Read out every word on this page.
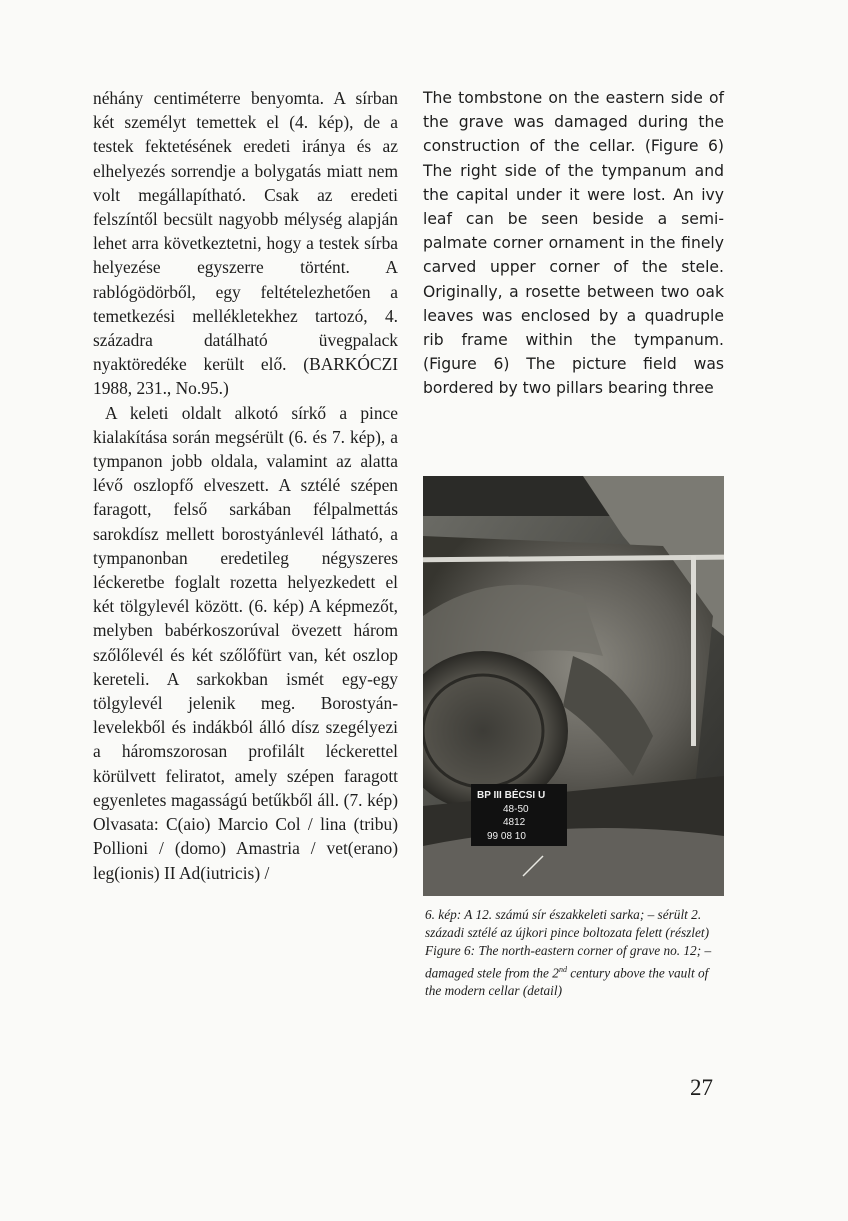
néhány centiméterre benyomta. A sírban két személyt temettek el (4. kép), de a testek fektetésének eredeti iránya és az elhelyezés sorrendje a bolygatás miatt nem volt megállapítható. Csak az eredeti felszíntől becsült nagyobb mélység alapján lehet arra következtetni, hogy a testek sírba helyezése egyszerre történt. A rablógödörből, egy feltételezhetően a temetkezési mellékletekhez tartozó, 4. századra datálható üvegpalack nyaktöredéke került elő. (BARKÓCZI 1988, 231., No.95.)

A keleti oldalt alkotó sírkő a pince kialakítása során megsérült (6. és 7. kép), a tympanon jobb oldala, valamint az alatta lévő oszlopfő elveszett. A sztélé szépen faragott, felső sarkában félpalmettás sarokdísz mellett borostyánlevél látható, a tympanonban eredetileg négyszeres léckeretbe foglalt rozetta helyezkedett el két tölgylevél között. (6. kép) A képmezőt, melyben babérkoszorúval övezett három szőlőlevél és két szőlőfürt van, két oszlop kereteli. A sarkokban ismét egy-egy tölgylevél jelenik meg. Borostyán-levelekből és indákból álló dísz szegélyezi a háromszorosan profilált léckerettel körülvett feliratot, amely szépen faragott egyenletes magasságú betűkből áll. (7. kép) Olvasata: C(aio) Marcio Col / lina (tribu) Pollioni / (domo) Amastria / vet(erano) leg(ionis) II Ad(iutricis) /

The tombstone on the eastern side of the grave was damaged during the construction of the cellar. (Figure 6) The right side of the tympanum and the capital under it were lost. An ivy leaf can be seen beside a semi-palmate corner ornament in the finely carved upper corner of the stele. Originally, a rosette between two oak leaves was enclosed by a quadruple rib frame within the tympanum. (Figure 6) The picture field was bordered by two pillars bearing three

BP III BÉCSI U
48-50
4812
99 08 10

6. kép: A 12. számú sír északkeleti sarka; – sérült 2. századi sztélé az újkori pince boltozata felett (részlet)

Figure 6: The north-eastern corner of grave no. 12; – damaged stele from the 2nd century above the vault of the modern cellar (detail)

27
